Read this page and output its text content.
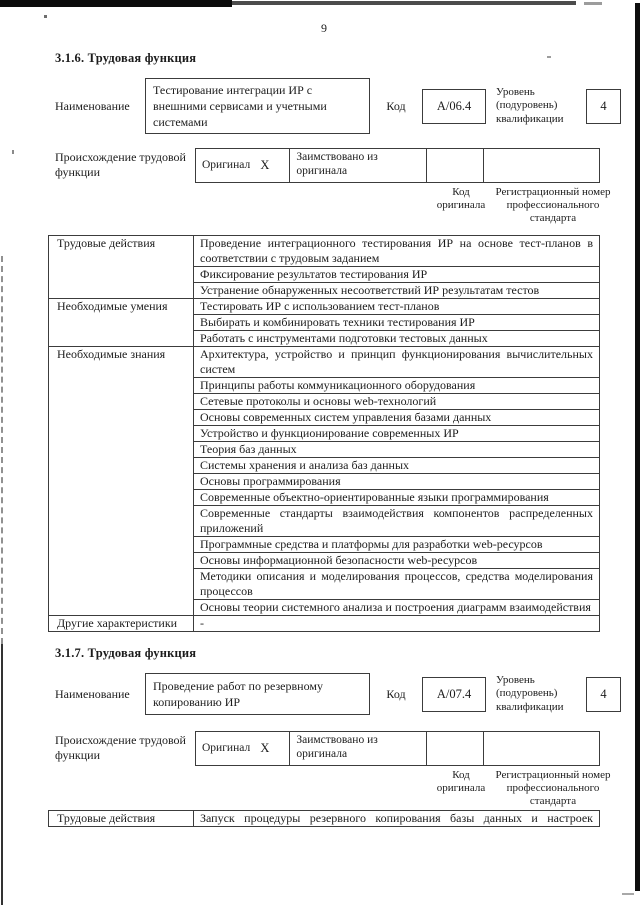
9
3.1.6. Трудовая функция
Наименование
Тестирование интеграции ИР с внешними сервисами и учетными системами
Код	А/06.4
Уровень (подуровень) квалификации
4
Происхождение трудовой функции
Оригинал X
	Заимствовано из оригинала		
Код оригинала
Регистрационный номер профессионального стандарта
Трудовые действия	Проведение интеграционного тестирования ИР на основе тест-планов в соответствии с трудовым заданием
	Фиксирование результатов тестирования ИР
	Устранение обнаруженных несоответствий ИР результатам тестов
Необходимые умения	Тестировать ИР с использованием тест-планов
	Выбирать и комбинировать техники тестирования ИР
	Работать с инструментами подготовки тестовых данных
Необходимые знания	Архитектура, устройство и принцип функционирования вычислительных систем
	Принципы работы коммуникационного оборудования
	Сетевые протоколы и основы web-технологий
	Основы современных систем управления базами данных
	Устройство и функционирование современных ИР
	Теория баз данных
	Системы хранения и анализа баз данных
	Основы программирования
	Современные объектно-ориентированные языки программирования
	Современные стандарты взаимодействия компонентов распределенных приложений
	Программные средства и платформы для разработки web-ресурсов
	Основы информационной безопасности web-ресурсов
	Методики описания и моделирования процессов, средства моделирования процессов
	Основы теории системного анализа и построения диаграмм взаимодействия
Другие характеристики	-
3.1.7. Трудовая функция
Наименование
Проведение работ по резервному копированию ИР
Код	А/07.4
Уровень (подуровень) квалификации
4
Происхождение трудовой функции
Оригинал X
	Заимствовано из оригинала		
Код оригинала
Регистрационный номер профессионального стандарта
Трудовые действия	Запуск процедуры резервного копирования базы данных и настроек
